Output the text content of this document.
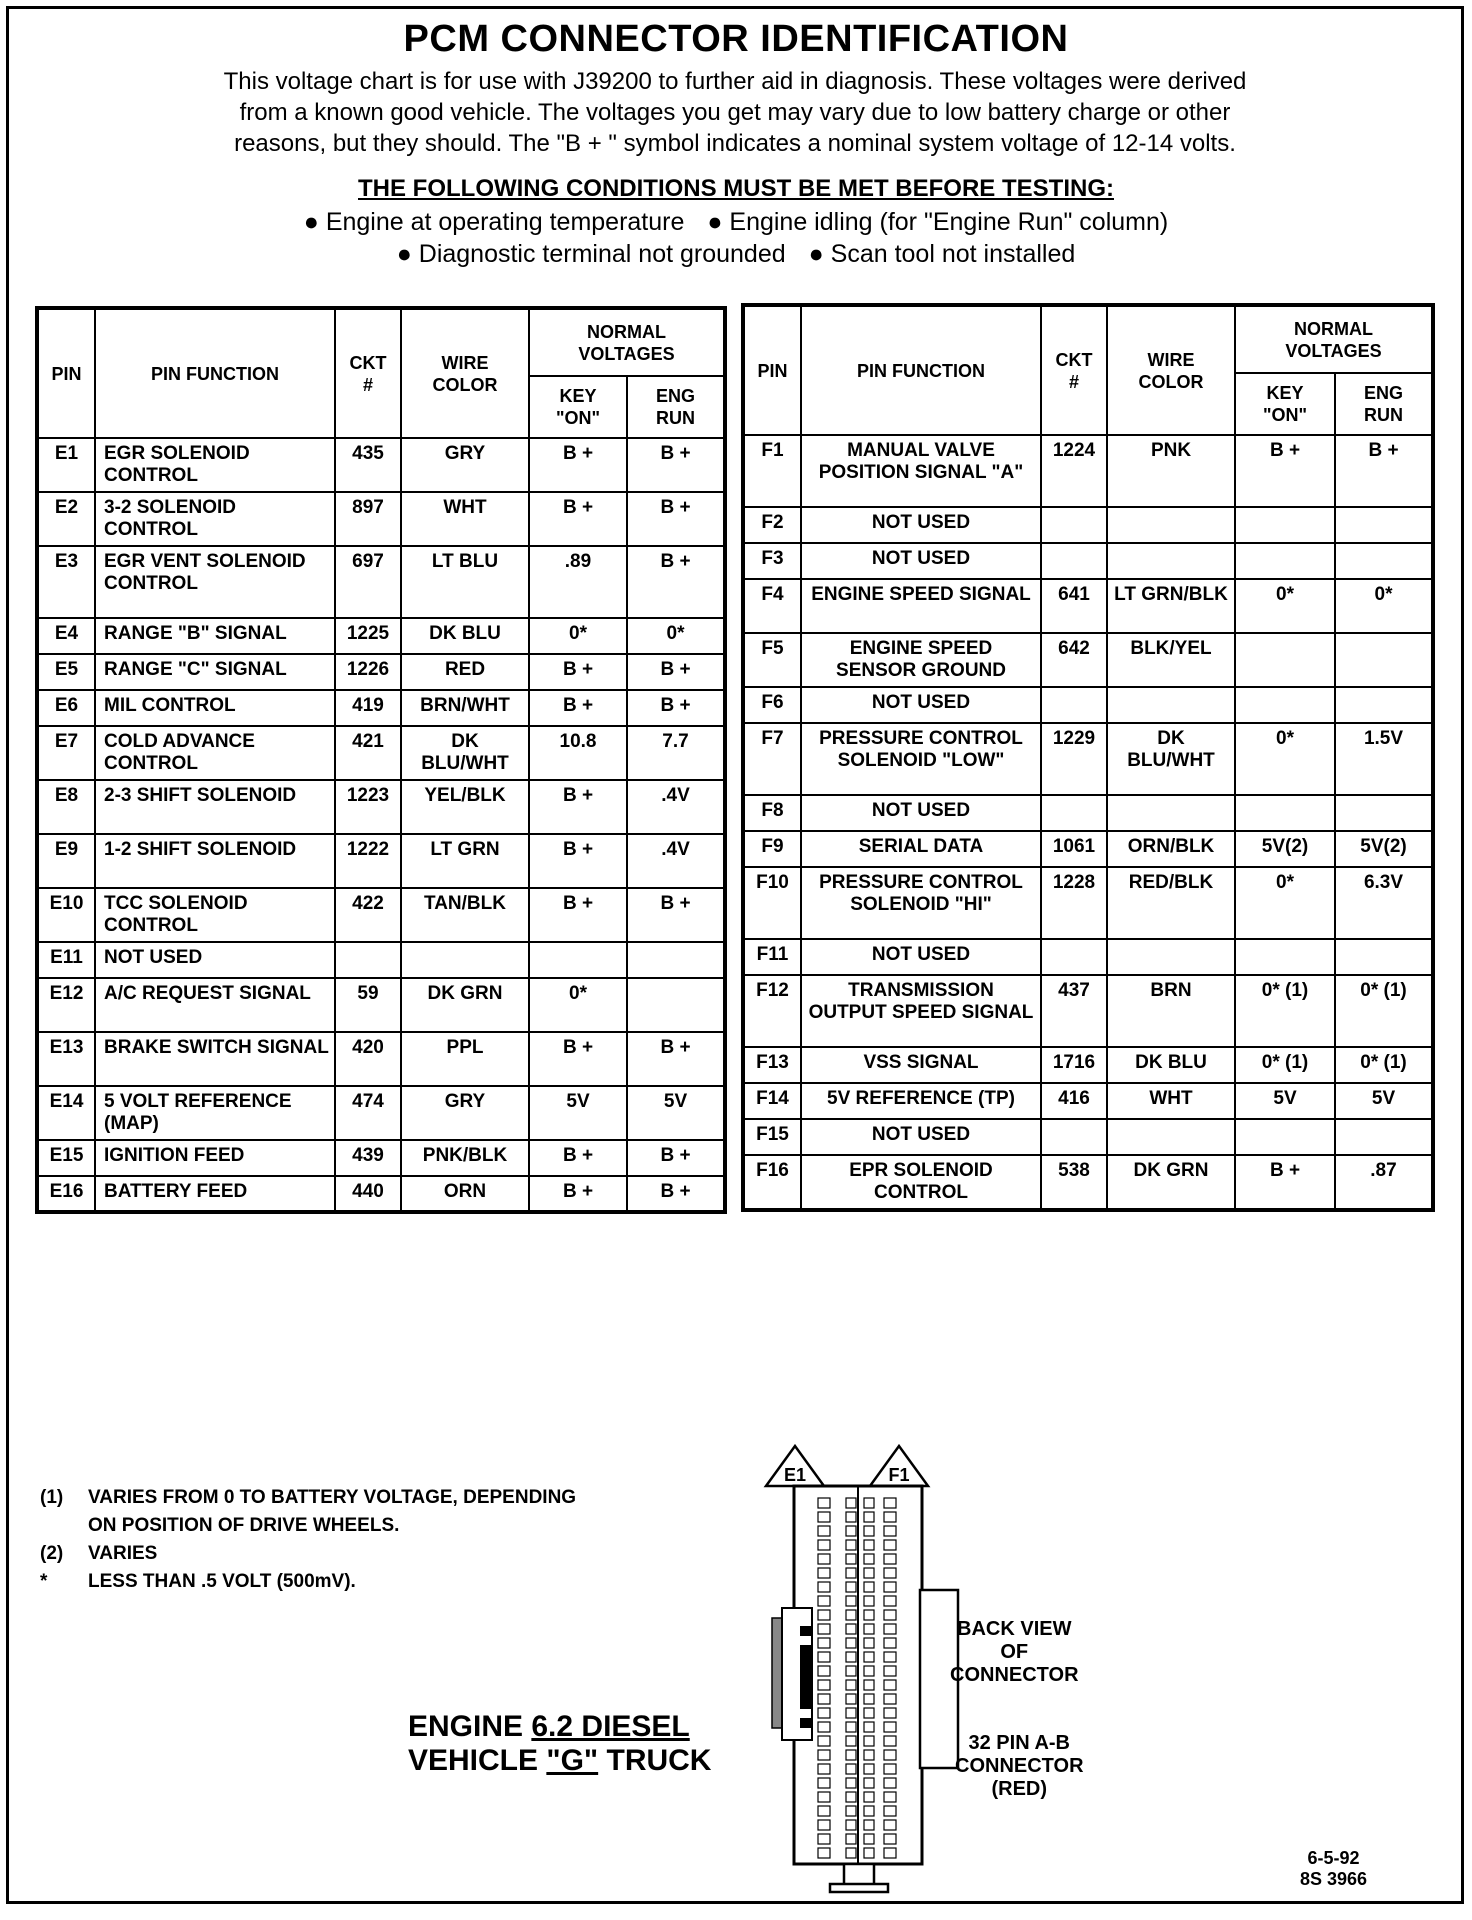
PCM CONNECTOR IDENTIFICATION
This voltage chart is for use with J39200 to further aid in diagnosis. These voltages were derived
from a known good vehicle. The voltages you get may vary due to low battery charge or other
reasons, but they should. The "B + " symbol indicates a nominal system voltage of 12-14 volts.
THE FOLLOWING CONDITIONS MUST BE MET BEFORE TESTING:
● Engine at operating temperature ● Engine idling (for "Engine Run" column)
● Diagnostic terminal not grounded ● Scan tool not installed
PIN	PIN FUNCTION	CKT
#	WIRE
COLOR	NORMAL
VOLTAGES	
				KEY
"ON"	ENG
RUN
E1	EGR SOLENOID CONTROL	435	GRY	B +	B +
E2	3-2 SOLENOID CONTROL	897	WHT	B +	B +
E3	EGR VENT SOLENOID CONTROL	697	LT BLU	.89	B +
E4	RANGE "B" SIGNAL	1225	DK BLU	0*	0*
E5	RANGE "C" SIGNAL	1226	RED	B +	B +
E6	MIL CONTROL	419	BRN/WHT	B +	B +
E7	COLD ADVANCE CONTROL	421	DK BLU/WHT	10.8	7.7
E8	2-3 SHIFT SOLENOID	1223	YEL/BLK	B +	.4V
E9	1-2 SHIFT SOLENOID	1222	LT GRN	B +	.4V
E10	TCC SOLENOID CONTROL	422	TAN/BLK	B +	B +
E11	NOT USED				
E12	A/C REQUEST SIGNAL	59	DK GRN	0*	
E13	BRAKE SWITCH SIGNAL	420	PPL	B +	B +
E14	5 VOLT REFERENCE (MAP)	474	GRY	5V	5V
E15	IGNITION FEED	439	PNK/BLK	B +	B +
E16	BATTERY FEED	440	ORN	B +	B +
PIN	PIN FUNCTION	CKT
#	WIRE
COLOR	NORMAL
VOLTAGES	
				KEY
"ON"	ENG
RUN
F1	MANUAL VALVE POSITION SIGNAL "A"	1224	PNK	B +	B +
F2	NOT USED				
F3	NOT USED				
F4	ENGINE SPEED SIGNAL	641	LT GRN/BLK	0*	0*
F5	ENGINE SPEED SENSOR GROUND	642	BLK/YEL		
F6	NOT USED				
F7	PRESSURE CONTROL SOLENOID "LOW"	1229	DK BLU/WHT	0*	1.5V
F8	NOT USED				
F9	SERIAL DATA	1061	ORN/BLK	5V(2)	5V(2)
F10	PRESSURE CONTROL SOLENOID "HI"	1228	RED/BLK	0*	6.3V
F11	NOT USED				
F12	TRANSMISSION OUTPUT SPEED SIGNAL	437	BRN	0* (1)	0* (1)
F13	VSS SIGNAL	1716	DK BLU	0* (1)	0* (1)
F14	5V REFERENCE (TP)	416	WHT	5V	5V
F15	NOT USED				
F16	EPR SOLENOID CONTROL	538	DK GRN	B +	.87
(1)	VARIES FROM 0 TO BATTERY VOLTAGE, DEPENDING
ON POSITION OF DRIVE WHEELS.
(2)	VARIES
*	LESS THAN .5 VOLT (500mV).
ENGINE 6.2 DIESEL
VEHICLE "G" TRUCK
E1	F1
BACK VIEW
OF
CONNECTOR
32 PIN A-B
CONNECTOR
(RED)
6-5-92
8S 3966
